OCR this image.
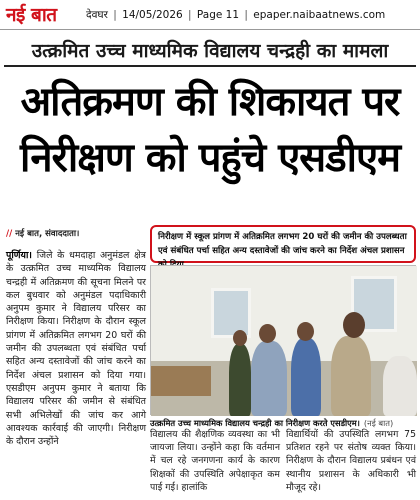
नई बात	देवघर | 14/05/2026 | Page 11 | epaper.naibaatnews.com
उत्क्रमित उच्च माध्यमिक विद्यालय चन्द्रही का मामला
अतिक्रमण की शिकायत पर
निरीक्षण को पहुंचे एसडीएम
// नई बात, संवाददाता।

पूर्णिया। जिले के धमदाहा अनुमंडल क्षेत्र के उत्क्रमित उच्च माध्यमिक विद्यालय चन्द्रही में अतिक्रमण की सूचना मिलने पर कल बुधवार को अनुमंडल पदाधिकारी अनुपम कुमार ने विद्यालय परिसर का निरीक्षण किया। निरीक्षण के दौरान स्कूल प्रांगण में अतिक्रमित लगभग 20 घरों की जमीन की उपलब्धता एवं संबंधित पर्चा सहित अन्य दस्तावेजों की जांच करने का निर्देश अंचल प्रशासन को दिया गया। एसडीएम अनुपम कुमार ने बताया कि विद्यालय परिसर की जमीन से संबंधित सभी अभिलेखों की जांच कर आगे आवश्यक कार्रवाई की जाएगी। निरीक्षण के दौरान उन्होंने

निरीक्षण में स्कूल प्रांगण में अतिक्रमित लगभग 20 घरों की जमीन की उपलब्धता एवं संबंधित पर्चा सहित अन्य दस्तावेजों की जांच करने का निर्देश अंचल प्रशासन
उत्क्रमित उच्च माध्यमिक विद्यालय चन्द्रही का निरीक्षण करते एसडीएम। (नई बात)
विद्यालय की शैक्षणिक व्यवस्था का भी जायजा लिया। उन्होंने कहा कि वर्तमान में चल रहे जनगणना कार्य के कारण शिक्षकों की उपस्थिति अपेक्षाकृत कम पाई गई। हालांकि
विद्यार्थियों की उपस्थिति लगभग 75 प्रतिशत रहने पर संतोष व्यक्त किया। निरीक्षण के दौरान विद्यालय प्रबंधन एवं स्थानीय प्रशासन के अधिकारी भी मौजूद रहे।
